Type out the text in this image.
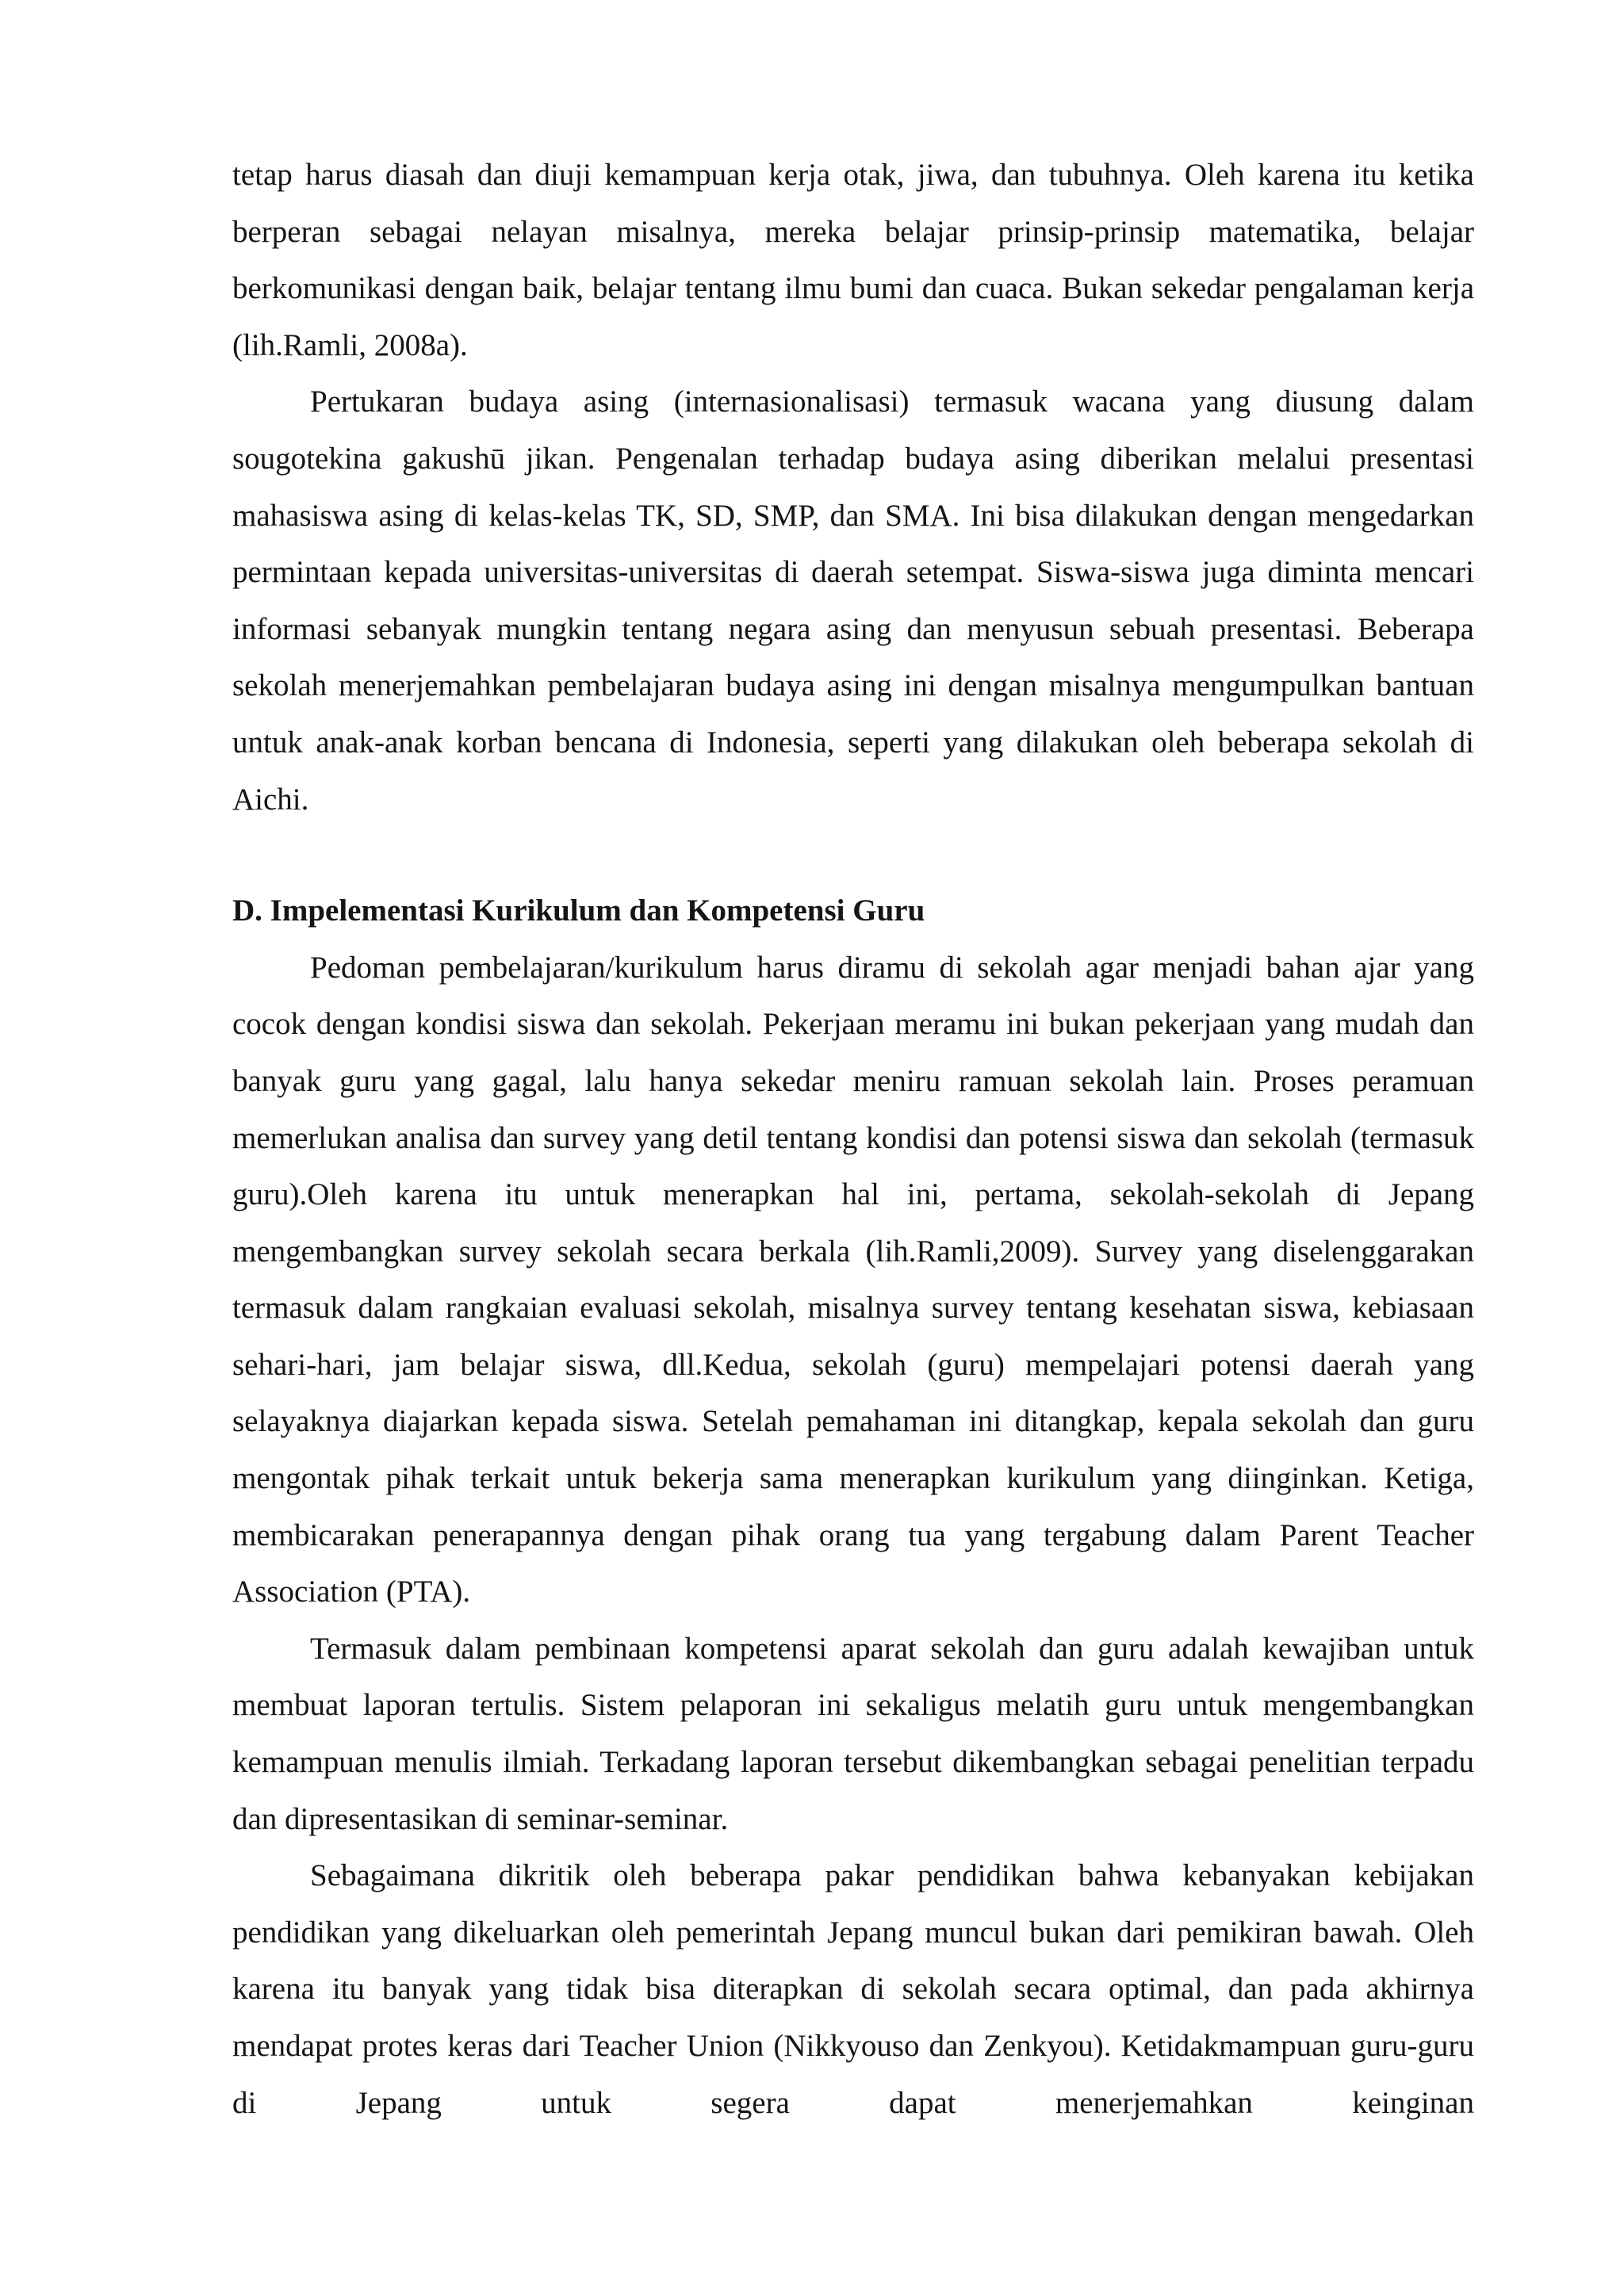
tetap harus diasah dan diuji kemampuan kerja otak, jiwa, dan tubuhnya. Oleh karena itu ketika berperan sebagai nelayan misalnya, mereka belajar prinsip-prinsip matematika, belajar berkomunikasi dengan baik, belajar tentang ilmu bumi dan cuaca. Bukan sekedar pengalaman kerja (lih.Ramli, 2008a).

Pertukaran budaya asing (internasionalisasi) termasuk wacana yang diusung dalam sougotekina gakushū jikan. Pengenalan terhadap budaya asing diberikan melalui presentasi mahasiswa asing di kelas-kelas TK, SD, SMP, dan SMA. Ini bisa dilakukan dengan mengedarkan permintaan kepada universitas-universitas di daerah setempat. Siswa-siswa juga diminta mencari informasi sebanyak mungkin tentang negara asing dan menyusun sebuah presentasi. Beberapa sekolah menerjemahkan pembelajaran budaya asing ini dengan misalnya mengumpulkan bantuan untuk anak-anak korban bencana di Indonesia, seperti yang dilakukan oleh beberapa sekolah di Aichi.

D. Impelementasi Kurikulum dan Kompetensi Guru

Pedoman pembelajaran/kurikulum harus diramu di sekolah agar menjadi bahan ajar yang cocok dengan kondisi siswa dan sekolah. Pekerjaan meramu ini bukan pekerjaan yang mudah dan banyak guru yang gagal, lalu hanya sekedar meniru ramuan sekolah lain. Proses peramuan memerlukan analisa dan survey yang detil tentang kondisi dan potensi siswa dan sekolah (termasuk guru).Oleh karena itu untuk menerapkan hal ini, pertama, sekolah-sekolah di Jepang mengembangkan survey sekolah secara berkala (lih.Ramli,2009). Survey yang diselenggarakan termasuk dalam rangkaian evaluasi sekolah, misalnya survey tentang kesehatan siswa, kebiasaan sehari-hari, jam belajar siswa, dll.Kedua, sekolah (guru) mempelajari potensi daerah yang selayaknya diajarkan kepada siswa. Setelah pemahaman ini ditangkap, kepala sekolah dan guru mengontak pihak terkait untuk bekerja sama menerapkan kurikulum yang diinginkan. Ketiga, membicarakan penerapannya dengan pihak orang tua yang tergabung dalam Parent Teacher Association (PTA).

Termasuk dalam pembinaan kompetensi aparat sekolah dan guru adalah kewajiban untuk membuat laporan tertulis. Sistem pelaporan ini sekaligus melatih guru untuk mengembangkan kemampuan menulis ilmiah. Terkadang laporan tersebut dikembangkan sebagai penelitian terpadu dan dipresentasikan di seminar-seminar.

Sebagaimana dikritik oleh beberapa pakar pendidikan bahwa kebanyakan kebijakan pendidikan yang dikeluarkan oleh pemerintah Jepang muncul bukan dari pemikiran bawah. Oleh karena itu banyak yang tidak bisa diterapkan di sekolah secara optimal, dan pada akhirnya mendapat protes keras dari Teacher Union (Nikkyouso dan Zenkyou). Ketidakmampuan guru-guru di Jepang untuk segera dapat menerjemahkan keinginan
